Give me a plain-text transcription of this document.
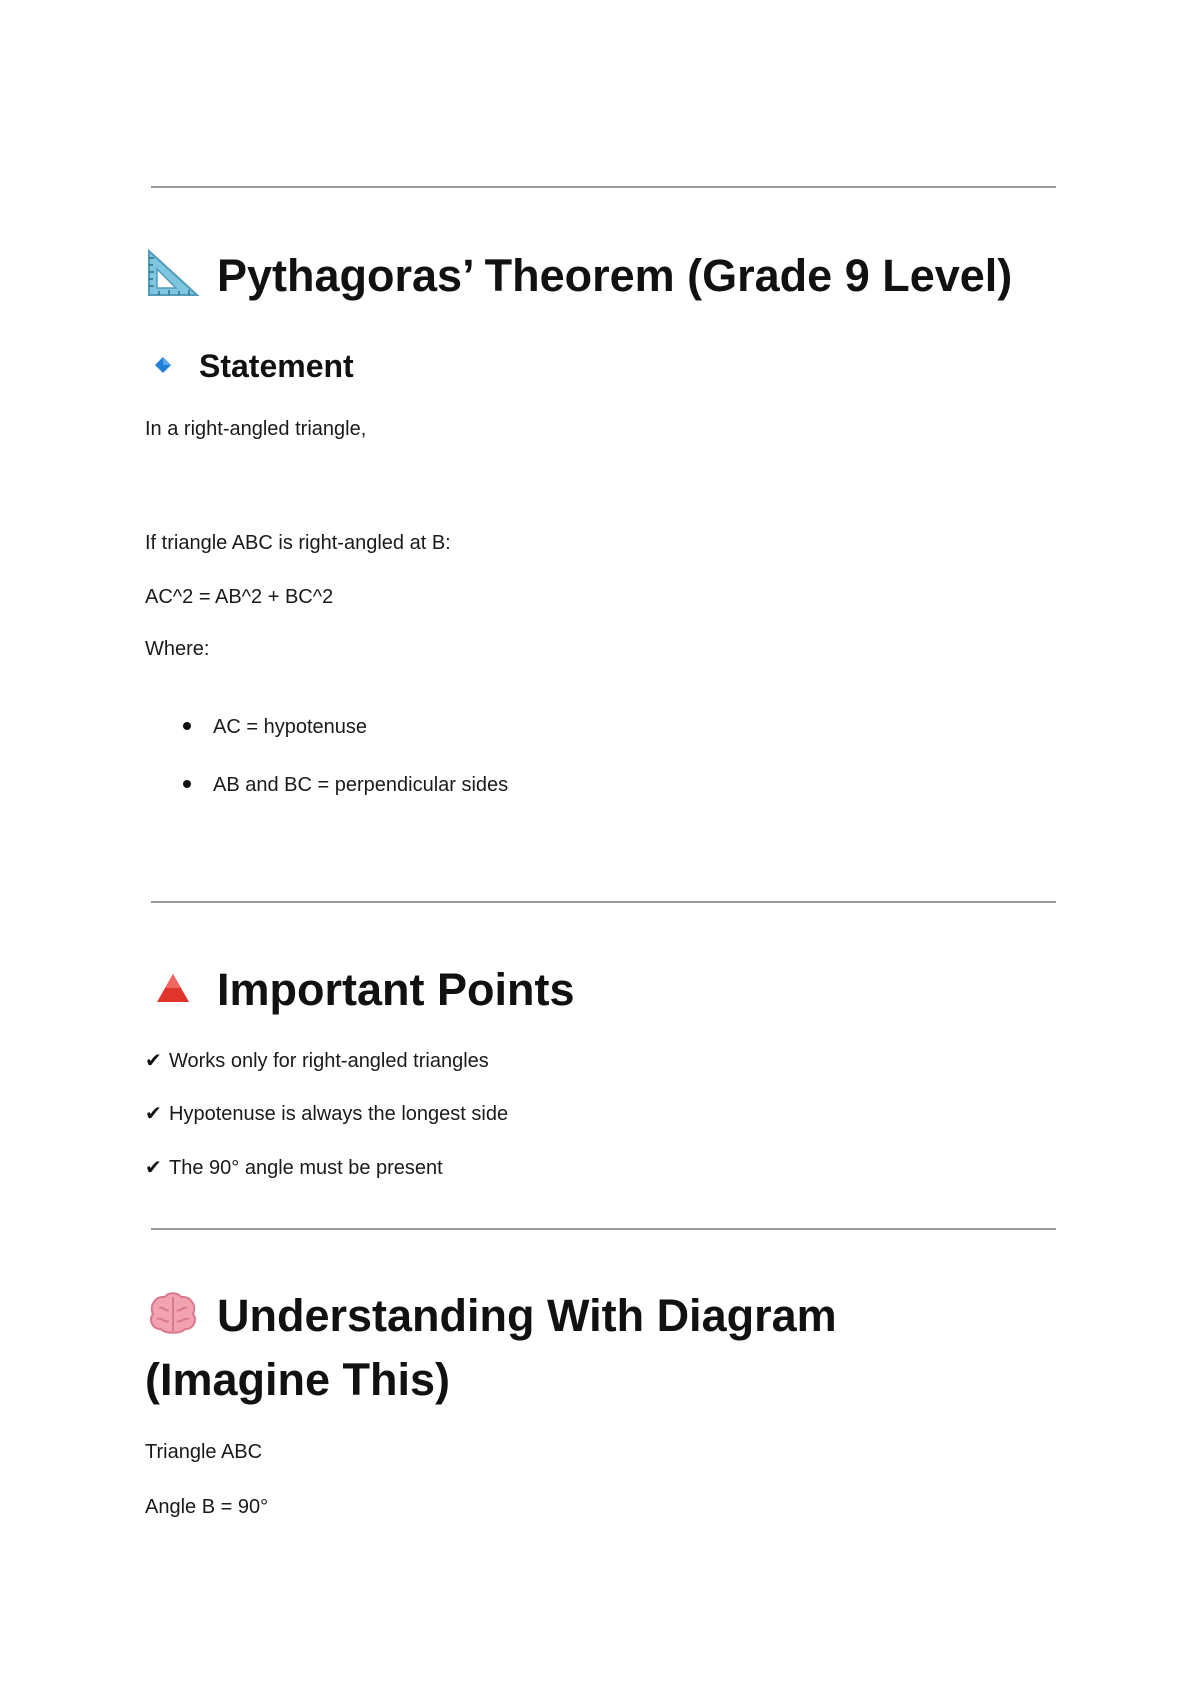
Pythagoras’ Theorem (Grade 9 Level)
Statement

In a right-angled triangle,

If triangle ABC is right-angled at B:

AC^2 = AB^2 + BC^2

Where:

AC = hypotenuse

AB and BC = perpendicular sides

Important Points

✔ Works only for right-angled triangles

✔ Hypotenuse is always the longest side

✔ The 90° angle must be present

Understanding With Diagram
(Imagine This)

Triangle ABC

Angle B = 90°
